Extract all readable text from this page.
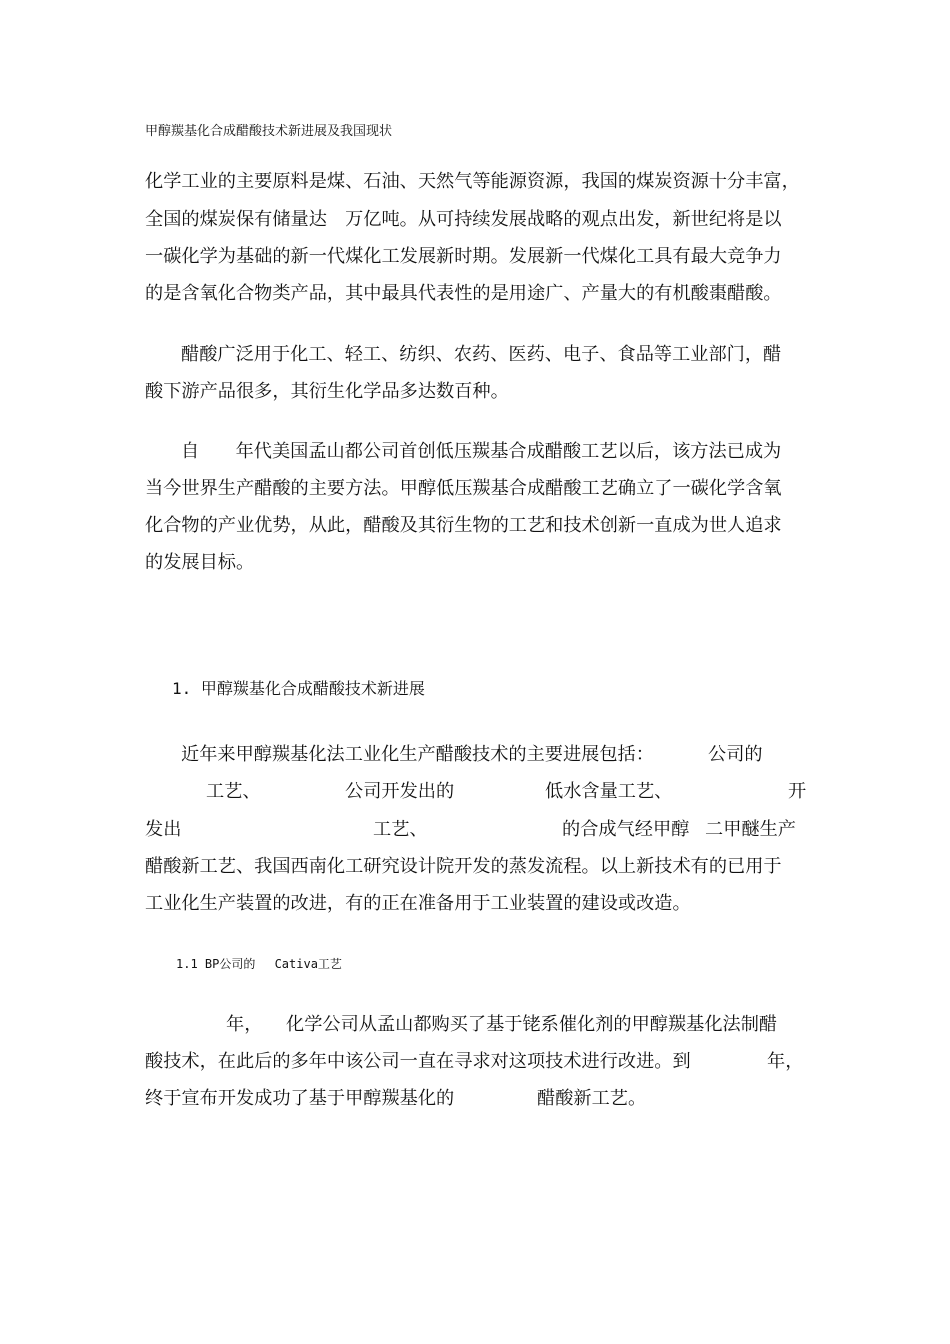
甲醇羰基化合成醋酸技术新进展及我国现状
化学工业的主要原料是煤、石油、天然气等能源资源，我国的煤炭资源十分丰富，
全国的煤炭保有储量达　万亿吨。从可持续发展战略的观点出发，新世纪将是以
一碳化学为基础的新一代煤化工发展新时期。发展新一代煤化工具有最大竞争力
的是含氧化合物类产品，其中最具代表性的是用途广、产量大的有机酸棗醋酸。
醋酸广泛用于化工、轻工、纺织、农药、医药、电子、食品等工业部门，醋
酸下游产品很多，其衍生化学品多达数百种。
自　　年代美国孟山都公司首创低压羰基合成醋酸工艺以后，该方法已成为
当今世界生产醋酸的主要方法。甲醇低压羰基合成醋酸工艺确立了一碳化学含氧
化合物的产业优势，从此，醋酸及其衍生物的工艺和技术创新一直成为世人追求
的发展目标。
1. 甲醇羰基化合成醋酸技术新进展
近年来甲醇羰基化法工业化生产醋酸技术的主要进展包括：	公司的
工艺、	公司开发出的	低水含量工艺、	开
发出	工艺、	的合成气经甲醇 二甲醚生产
醋酸新工艺、我国西南化工研究设计院开发的蒸发流程。以上新技术有的已用于
工业化生产装置的改进，有的正在准备用于工业装置的建设或改造。
1.1 BP公司的　 Cativa工艺
年， 化学公司从孟山都购买了基于铑系催化剂的甲醇羰基化法制醋
酸技术，在此后的多年中该公司一直在寻求对这项技术进行改进。到	年，
终于宣布开发成功了基于甲醇羰基化的	醋酸新工艺。
